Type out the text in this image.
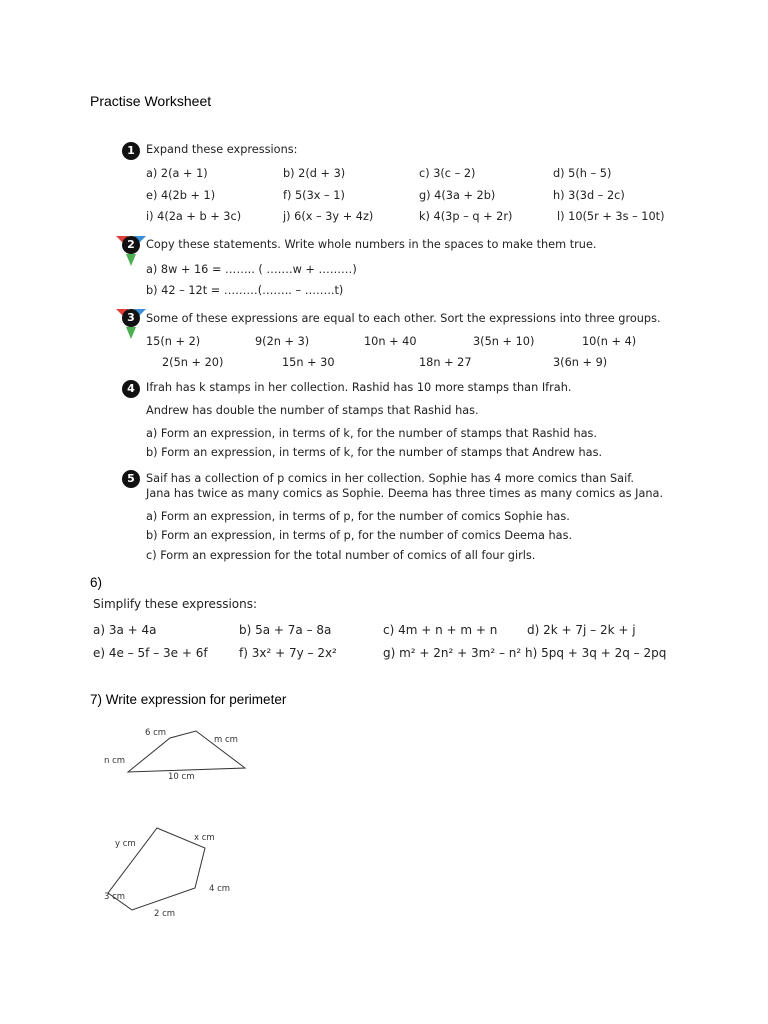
Practise Worksheet
1 Expand these expressions:
a) 2(a + 1)	b) 2(d + 3)	c) 3(c – 2)	d) 5(h – 5)
e) 4(2b + 1)	f) 5(3x – 1)	g) 4(3a + 2b)	h) 3(3d – 2c)
i) 4(2a + b + 3c)	j) 6(x – 3y + 4z)	k) 4(3p – q + 2r)	l) 10(5r + 3s – 10t)
2 Copy these statements. Write whole numbers in the spaces to make them true.
a) 8w + 16 = …….. ( …….w + ………)
b) 42 – 12t = ………(…….. – ……..t)
3 Some of these expressions are equal to each other. Sort the expressions into three groups.
15(n + 2)	9(2n + 3)	10n + 40	3(5n + 10)	10(n + 4)
2(5n + 20)	15n + 30	18n + 27	3(6n + 9)
4 Ifrah has k stamps in her collection. Rashid has 10 more stamps than Ifrah.
Andrew has double the number of stamps that Rashid has.
a) Form an expression, in terms of k, for the number of stamps that Rashid has.
b) Form an expression, in terms of k, for the number of stamps that Andrew has.
5 Saif has a collection of p comics in her collection. Sophie has 4 more comics than Saif.
Jana has twice as many comics as Sophie. Deema has three times as many comics as Jana.
a) Form an expression, in terms of p, for the number of comics Sophie has.
b) Form an expression, in terms of p, for the number of comics Deema has.
c) Form an expression for the total number of comics of all four girls.
6)
Simplify these expressions:
a) 3a + 4a	b) 5a + 7a – 8a	c) 4m + n + m + n d) 2k + 7j – 2k + j
e) 4e – 5f – 3e + 6f	f) 3x² + 7y – 2x²	g) m² + 2n² + 3m² – n² h) 5pq + 3q + 2q – 2pq
7) Write expression for perimeter
6 cm
m cm
n cm
10 cm
y cm
x cm
4 cm
3 cm
2 cm
